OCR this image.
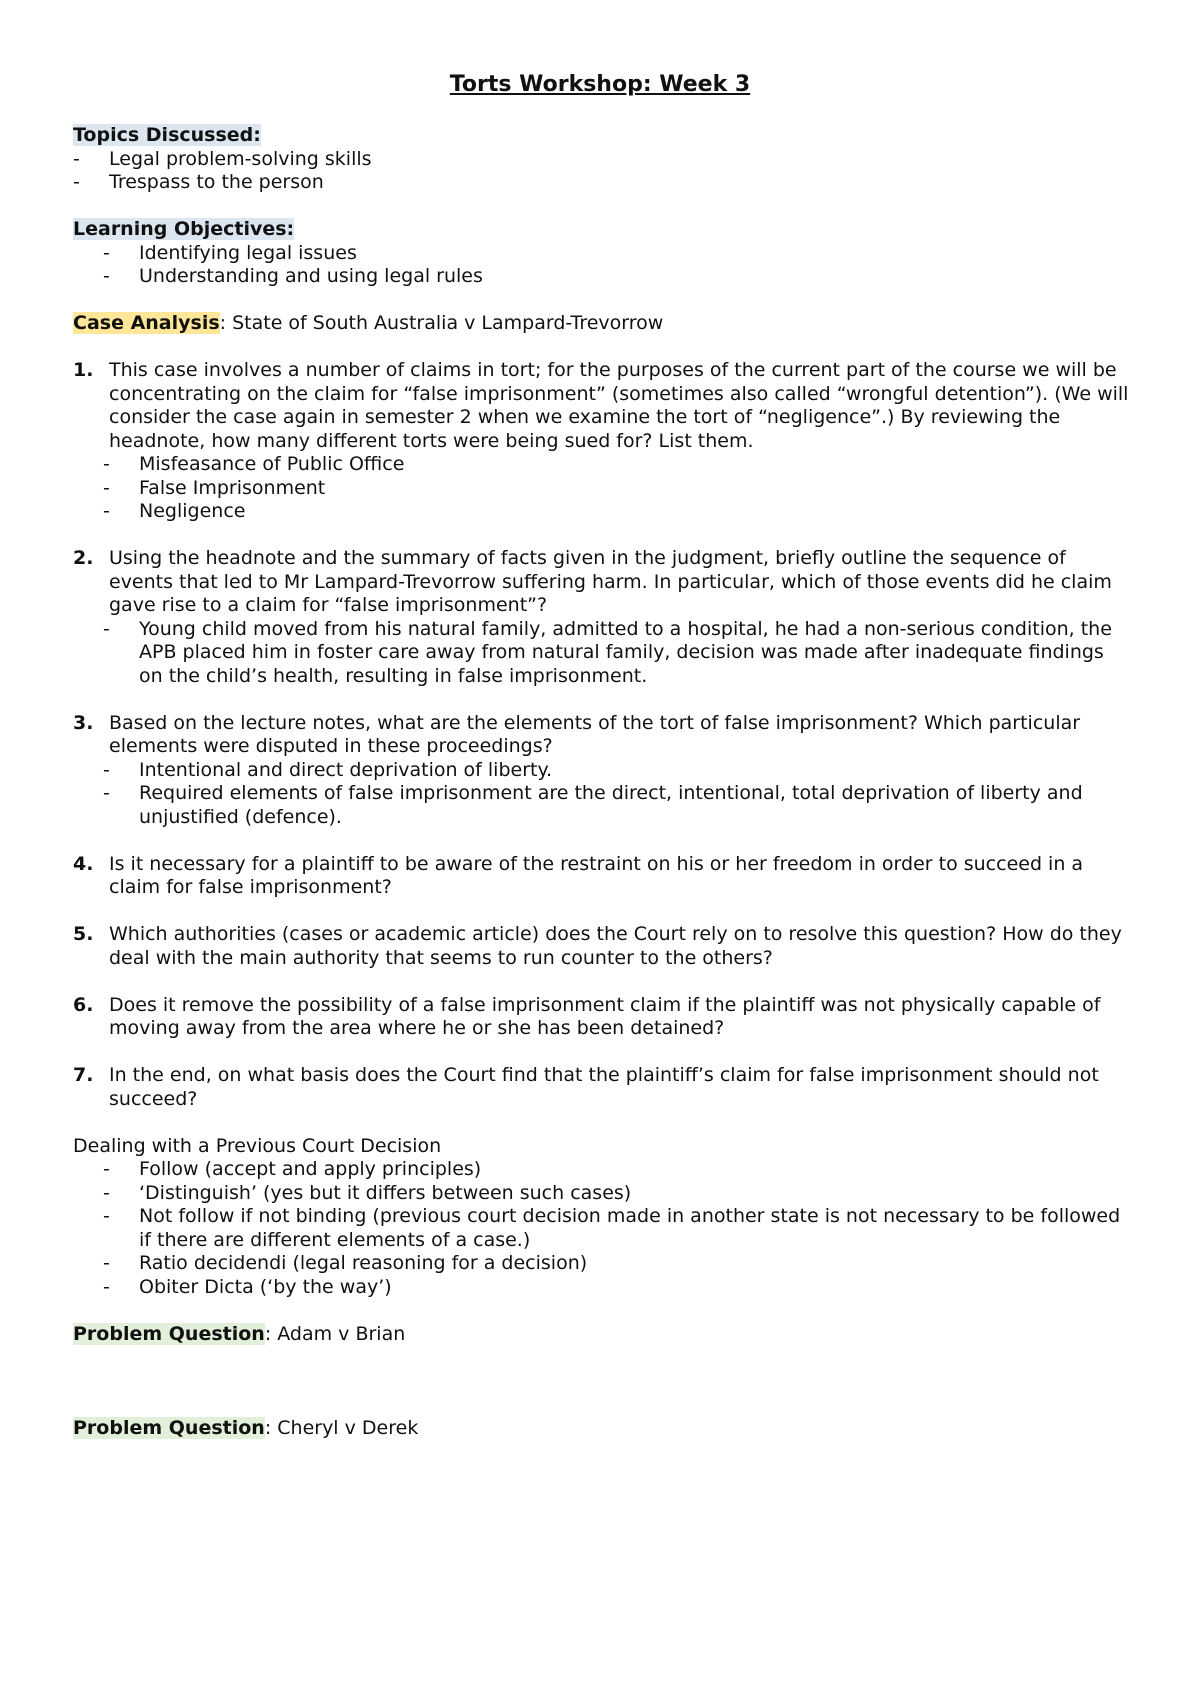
Torts Workshop: Week 3
Topics Discussed:
-	Legal problem-solving skills
-	Trespass to the person
Learning Objectives:
-	Identifying legal issues
-	Understanding and using legal rules
Case Analysis: State of South Australia v Lampard-Trevorrow
1. This case involves a number of claims in tort; for the purposes of the current part of the course we will be concentrating on the claim for “false imprisonment” (sometimes also called “wrongful detention”). (We will consider the case again in semester 2 when we examine the tort of “negligence”.) By reviewing the headnote, how many different torts were being sued for? List them.
-	Misfeasance of Public Office
-	False Imprisonment
-	Negligence
2. Using the headnote and the summary of facts given in the judgment, briefly outline the sequence of events that led to Mr Lampard-Trevorrow suffering harm. In particular, which of those events did he claim gave rise to a claim for “false imprisonment”?
-	Young child moved from his natural family, admitted to a hospital, he had a non-serious condition, the APB placed him in foster care away from natural family, decision was made after inadequate findings on the child’s health, resulting in false imprisonment.
3. Based on the lecture notes, what are the elements of the tort of false imprisonment? Which particular elements were disputed in these proceedings?
-	Intentional and direct deprivation of liberty.
-	Required elements of false imprisonment are the direct, intentional, total deprivation of liberty and unjustified (defence).
4. Is it necessary for a plaintiff to be aware of the restraint on his or her freedom in order to succeed in a claim for false imprisonment?
5. Which authorities (cases or academic article) does the Court rely on to resolve this question? How do they deal with the main authority that seems to run counter to the others?
6. Does it remove the possibility of a false imprisonment claim if the plaintiff was not physically capable of moving away from the area where he or she has been detained?
7. In the end, on what basis does the Court find that the plaintiff’s claim for false imprisonment should not succeed?
Dealing with a Previous Court Decision
-	Follow (accept and apply principles)
-	‘Distinguish’ (yes but it differs between such cases)
-	Not follow if not binding (previous court decision made in another state is not necessary to be followed if there are different elements of a case.)
-	Ratio decidendi (legal reasoning for a decision)
-	Obiter Dicta (‘by the way’)
Problem Question: Adam v Brian
Problem Question: Cheryl v Derek
